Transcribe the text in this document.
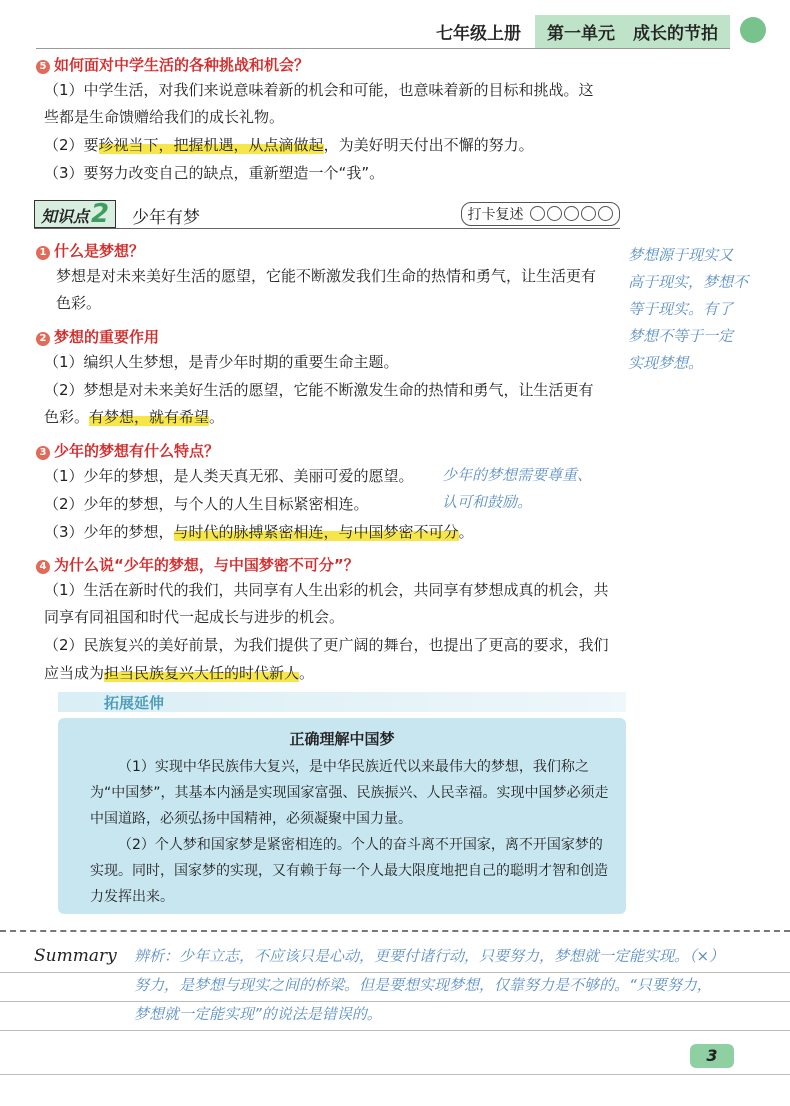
七年级上册 第一单元 成长的节拍
5 如何面对中学生活的各种挑战和机会？
（1）中学生活，对我们来说意味着新的机会和可能，也意味着新的目标和挑战。这
些都是生命馈赠给我们的成长礼物。
（2）要珍视当下，把握机遇，从点滴做起，为美好明天付出不懈的努力。
（3）要努力改变自己的缺点，重新塑造一个“我”。
知识点2	少年有梦	打卡复述
1 什么是梦想？
梦想是对未来美好生活的愿望，它能不断激发我们生命的热情和勇气，让生活更有
色彩。
2 梦想的重要作用
（1）编织人生梦想，是青少年时期的重要生命主题。
（2）梦想是对未来美好生活的愿望，它能不断激发生命的热情和勇气，让生活更有
色彩。有梦想，就有希望。
3 少年的梦想有什么特点？
（1）少年的梦想，是人类天真无邪、美丽可爱的愿望。
（2）少年的梦想，与个人的人生目标紧密相连。
（3）少年的梦想，与时代的脉搏紧密相连，与中国梦密不可分。
4 为什么说“少年的梦想，与中国梦密不可分”？
（1）生活在新时代的我们，共同享有人生出彩的机会，共同享有梦想成真的机会，共
同享有同祖国和时代一起成长与进步的机会。
（2）民族复兴的美好前景，为我们提供了更广阔的舞台，也提出了更高的要求，我们
应当成为担当民族复兴大任的时代新人。
梦想源于现实又
高于现实，梦想不
等于现实。有了
梦想不等于一定
实现梦想。
少年的梦想需要尊重、
认可和鼓励。
拓展延伸
正确理解中国梦
（1）实现中华民族伟大复兴，是中华民族近代以来最伟大的梦想，我们称之为“中国梦”，其基本内涵是实现国家富强、民族振兴、人民幸福。实现中国梦必须走中国道路，必须弘扬中国精神，必须凝聚中国力量。
（2）个人梦和国家梦是紧密相连的。个人的奋斗离不开国家，离不开国家梦的实现。同时，国家梦的实现，又有赖于每一个人最大限度地把自己的聪明才智和创造力发挥出来。
Summary 辨析：少年立志，不应该只是心动，更要付诸行动，只要努力，梦想就一定能实现。（×）
努力，是梦想与现实之间的桥梁。但是要想实现梦想，仅靠努力是不够的。“只要努力，
梦想就一定能实现”的说法是错误的。
3
